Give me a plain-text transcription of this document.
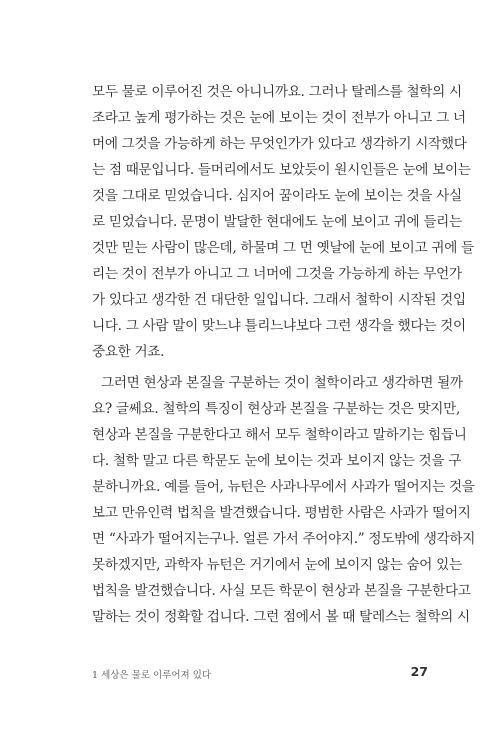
모두 물로 이루어진 것은 아니니까요. 그러나 탈레스를 철학의 시
조라고 높게 평가하는 것은 눈에 보이는 것이 전부가 아니고 그 너
머에 그것을 가능하게 하는 무엇인가가 있다고 생각하기 시작했다
는 점 때문입니다. 들머리에서도 보았듯이 원시인들은 눈에 보이는
것을 그대로 믿었습니다. 심지어 꿈이라도 눈에 보이는 것을 사실
로 믿었습니다. 문명이 발달한 현대에도 눈에 보이고 귀에 들리는
것만 믿는 사람이 많은데, 하물며 그 먼 옛날에 눈에 보이고 귀에 들
리는 것이 전부가 아니고 그 너머에 그것을 가능하게 하는 무언가
가 있다고 생각한 건 대단한 일입니다. 그래서 철학이 시작된 것입
니다. 그 사람 말이 맞느냐 틀리느냐보다 그런 생각을 했다는 것이
중요한 거죠.
그러면 현상과 본질을 구분하는 것이 철학이라고 생각하면 될까
요? 글쎄요. 철학의 특징이 현상과 본질을 구분하는 것은 맞지만,
현상과 본질을 구분한다고 해서 모두 철학이라고 말하기는 힘듭니
다. 철학 말고 다른 학문도 눈에 보이는 것과 보이지 않는 것을 구
분하니까요. 예를 들어, 뉴턴은 사과나무에서 사과가 떨어지는 것을
보고 만유인력 법칙을 발견했습니다. 평범한 사람은 사과가 떨어지
면 “사과가 떨어지는구나. 얼른 가서 주어야지.” 정도밖에 생각하지
못하겠지만, 과학자 뉴턴은 거기에서 눈에 보이지 않는 숨어 있는
법칙을 발견했습니다. 사실 모든 학문이 현상과 본질을 구분한다고
말하는 것이 정확할 겁니다. 그런 점에서 볼 때 탈레스는 철학의 시
1 세상은 물로 이루어져 있다	27
